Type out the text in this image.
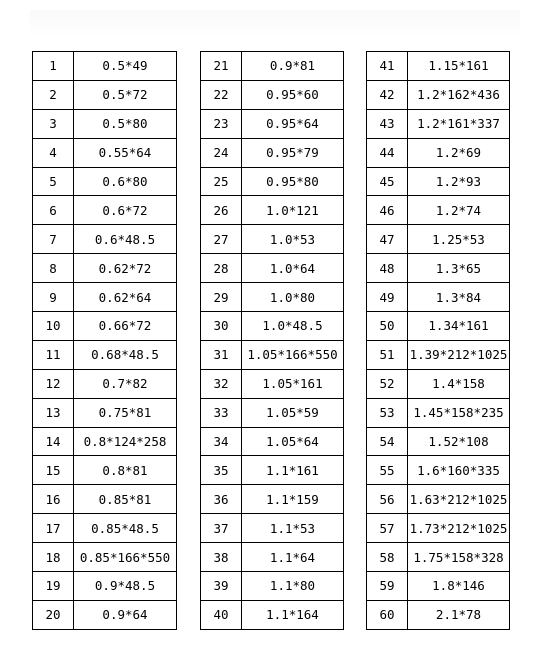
1	0.5*49
2	0.5*72
3	0.5*80
4	0.55*64
5	0.6*80
6	0.6*72
7	0.6*48.5
8	0.62*72
9	0.62*64
10	0.66*72
11	0.68*48.5
12	0.7*82
13	0.75*81
14	0.8*124*258
15	0.8*81
16	0.85*81
17	0.85*48.5
18	0.85*166*550
19	0.9*48.5
20	0.9*64
21	0.9*81
22	0.95*60
23	0.95*64
24	0.95*79
25	0.95*80
26	1.0*121
27	1.0*53
28	1.0*64
29	1.0*80
30	1.0*48.5
31	1.05*166*550
32	1.05*161
33	1.05*59
34	1.05*64
35	1.1*161
36	1.1*159
37	1.1*53
38	1.1*64
39	1.1*80
40	1.1*164
41	1.15*161
42	1.2*162*436
43	1.2*161*337
44	1.2*69
45	1.2*93
46	1.2*74
47	1.25*53
48	1.3*65
49	1.3*84
50	1.34*161
51	1.39*212*1025
52	1.4*158
53	1.45*158*235
54	1.52*108
55	1.6*160*335
56	1.63*212*1025
57	1.73*212*1025
58	1.75*158*328
59	1.8*146
60	2.1*78
